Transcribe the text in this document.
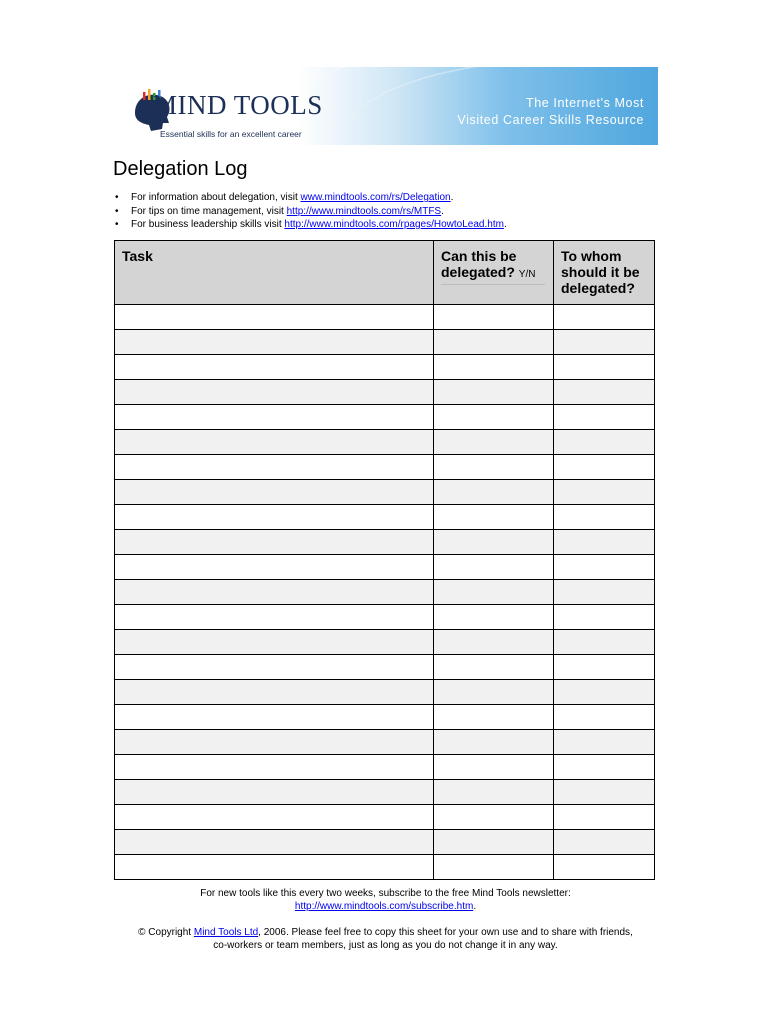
MIND TOOLS
Essential skills for an excellent career
The Internet's Most
Visited Career Skills Resource
Delegation Log
• For information about delegation, visit www.mindtools.com/rs/Delegation.
• For tips on time management, visit http://www.mindtools.com/rs/MTFS.
• For business leadership skills visit http://www.mindtools.com/rpages/HowtoLead.htm.
Task	Can this be delegated? Y/N	To whom should it be delegated?

For new tools like this every two weeks, subscribe to the free Mind Tools newsletter:
http://www.mindtools.com/subscribe.htm.
© Copyright Mind Tools Ltd, 2006. Please feel free to copy this sheet for your own use and to share with friends,
co-workers or team members, just as long as you do not change it in any way.
